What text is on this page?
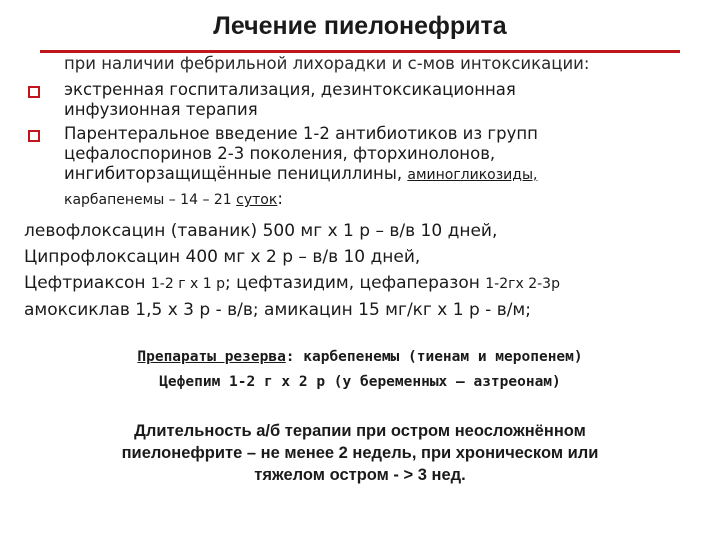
Лечение пиелонефрита
при наличии фебрильной лихорадки и с-мов интоксикации:
экстренная госпитализация, дезинтоксикационная
инфузионная терапия
Парентеральное введение 1-2 антибиотиков из групп
цефалоспоринов 2-3 поколения, фторхинолонов,
ингибиторзащищённые пенициллины, аминогликозиды,
карбапенемы – 14 – 21 суток:
левофлоксацин (таваник) 500 мг х 1 р – в/в 10 дней,
Ципрофлоксацин 400 мг х 2 р – в/в 10 дней,
Цефтриаксон 1-2 г х 1 р; цефтазидим, цефаперазон 1-2гх 2-3р
амоксиклав 1,5 х 3 р - в/в; амикацин 15 мг/кг х 1 р - в/м;
Препараты резерва: карбепенемы (тиенам и меропенем)
Цефепим 1-2 г х 2 р (у беременных – азтреонам)
Длительность а/б терапии при остром неосложнённом
пиелонефрите – не менее 2 недель, при хроническом или
тяжелом остром - > 3 нед.
